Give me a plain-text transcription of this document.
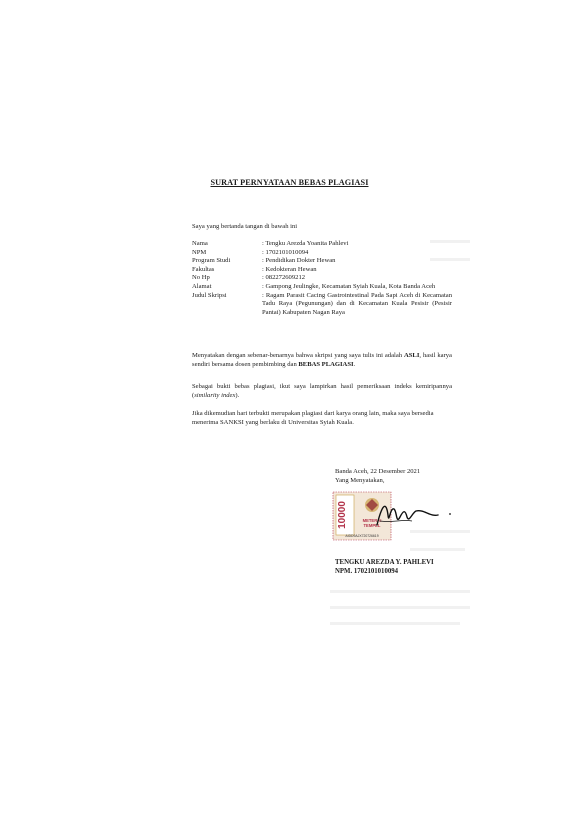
SURAT PERNYATAAN BEBAS PLAGIASI
Saya yang bertanda tangan di bawah ini
Nama	: Tengku Arezda Yoanita Pahlevi
NPM	: 1702101010094
Program Studi	: Pendidikan Dokter Hewan
Fakultas	: Kedokteran Hewan
No Hp	: 082272609212
Alamat	: Gampong Jeulingke, Kecamatan Syiah Kuala, Kota Banda Aceh
Judul Skripsi	: Ragam Parasit Cacing Gastrointestinal Pada Sapi Aceh di Kecamatan Tadu Raya (Pegunungan) dan di Kecamatan Kuala Pesisir (Pesisir Pantai) Kabupaten Nagan Raya
Menyatakan dengan sebenar-benarnya bahwa skripsi yang saya tulis ini adalah ASLI, hasil karya sendiri bersama dosen pembimbing dan BEBAS PLAGIASI.
Sebagai bukti bebas plagiasi, ikut saya lampirkan hasil pemeriksaan indeks kemiripannya (similarity index).
Jika dikemudian hari terbukti merupakan plagiasi dari karya orang lain, maka saya bersedia menerima SANKSI yang berlaku di Universitas Syiah Kuala.
Banda Aceh, 22 Desember 2021
Yang Menyatakan,
10000	METERAI
TEMPEL
AIDD9AJX720726619
TENGKU AREZDA Y. PAHLEVI
NPM. 1702101010094
